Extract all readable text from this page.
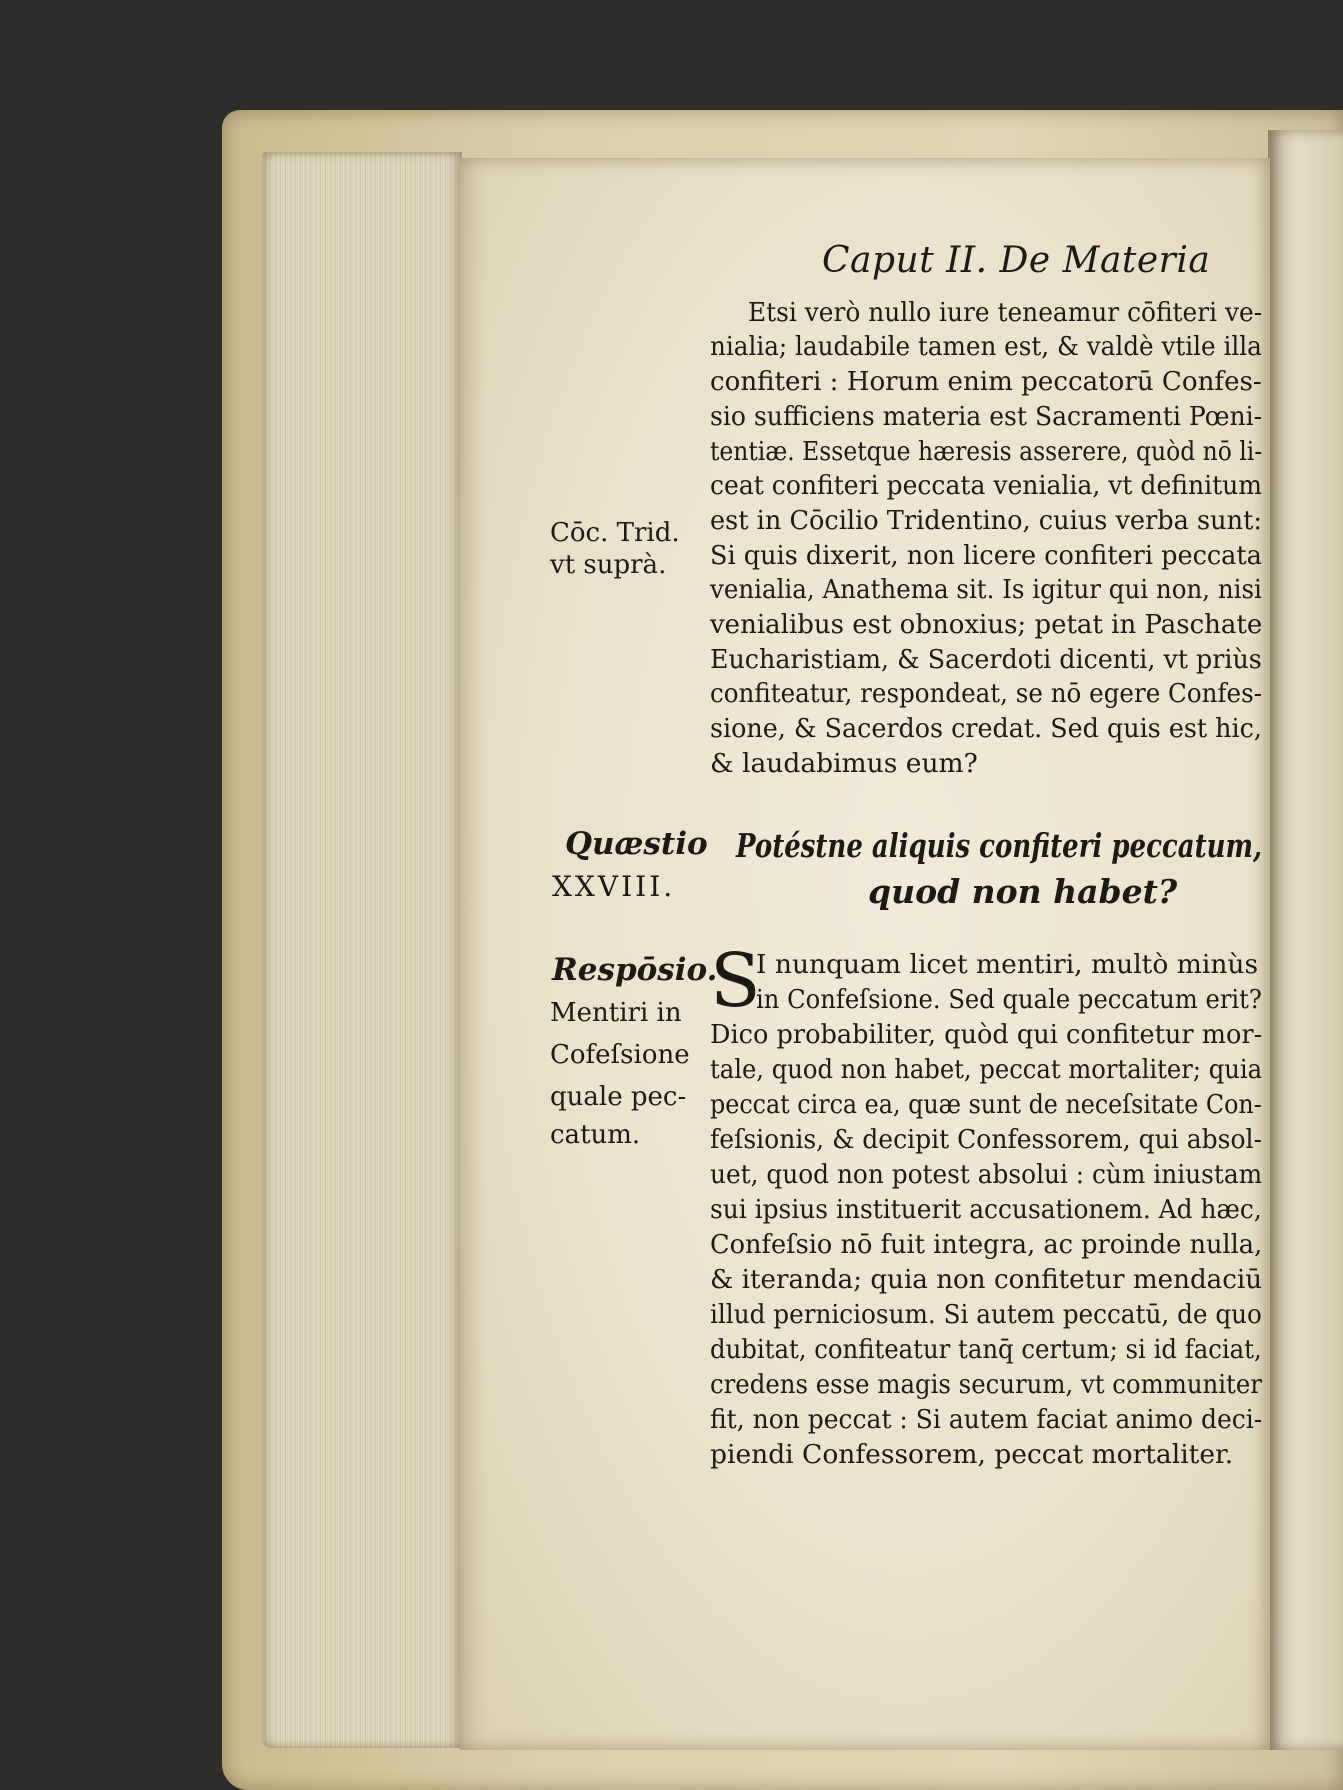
Caput II. De Materia
Etsi verò nullo iure teneamur cōfiteri ve-
nialia; laudabile tamen est, & valdè vtile illa
confiteri : Horum enim peccatorū Confes-
sio sufficiens materia est Sacramenti Pœni-
tentiæ. Essetque hæresis asserere, quòd nō li-
ceat confiteri peccata venialia, vt definitum
est in Cōcilio Tridentino, cuius verba sunt:
Si quis dixerit, non licere confiteri peccata
venialia, Anathema sit. Is igitur qui non, nisi
venialibus est obnoxius; petat in Paschate
Eucharistiam, & Sacerdoti dicenti, vt priùs
confiteatur, respondeat, se nō egere Confes-
sione, & Sacerdos credat. Sed quis est hic,
& laudabimus eum?
Cōc. Trid.
vt suprà.
Quæstio
XXVIII.
Potéstne aliquis confiteri peccatum,
quod non habet?
Respōsio.
Mentiri in
Cofeſsione
quale pec-
catum.
S
I nunquam licet mentiri, multò minùs
in Confeſsione. Sed quale peccatum erit?
Dico probabiliter, quòd qui confitetur mor-
tale, quod non habet, peccat mortaliter; quia
peccat circa ea, quæ sunt de neceſsitate Con-
feſsionis, & decipit Confessorem, qui absol-
uet, quod non potest absolui : cùm iniustam
sui ipsius instituerit accusationem. Ad hæc,
Confeſsio nō fuit integra, ac proinde nulla,
& iteranda; quia non confitetur mendaciū
illud perniciosum. Si autem peccatū, de quo
dubitat, confiteatur tanq̄ certum; si id faciat,
credens esse magis securum, vt communiter
fit, non peccat : Si autem faciat animo deci-
piendi Confessorem, peccat mortaliter.
